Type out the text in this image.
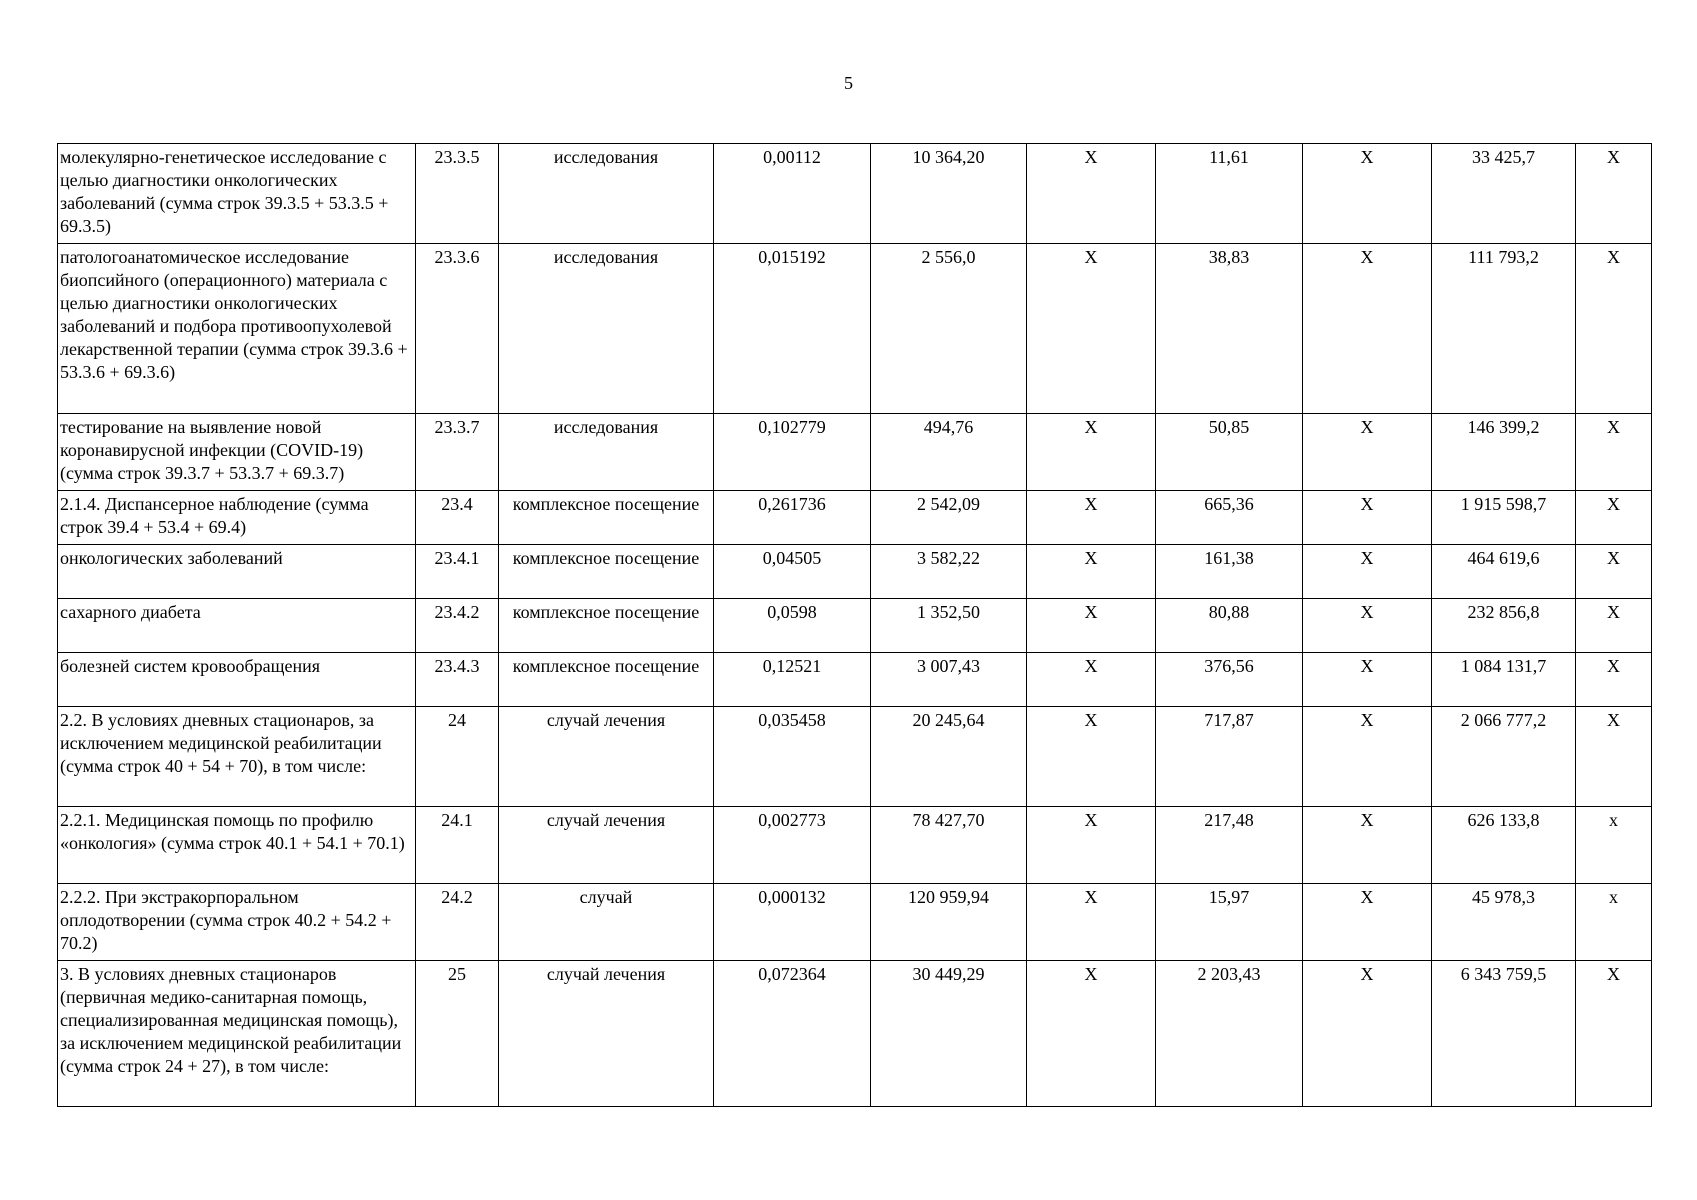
5
молекулярно-генетическое исследование с целью диагностики онкологических заболеваний (сумма строк 39.3.5 + 53.3.5 + 69.3.5)	23.3.5	исследования	0,00112	10 364,20	Х	11,61	Х	33 425,7	Х
патологоанатомическое исследование биопсийного (операционного) материала с целью диагностики онкологических заболеваний и подбора противоопухолевой лекарственной терапии (сумма строк 39.3.6 + 53.3.6 + 69.3.6)	23.3.6	исследования	0,015192	2 556,0	Х	38,83	Х	111 793,2	Х
тестирование на выявление новой коронавирусной инфекции (COVID-19) (сумма строк 39.3.7 + 53.3.7 + 69.3.7)	23.3.7	исследования	0,102779	494,76	Х	50,85	Х	146 399,2	Х
2.1.4. Диспансерное наблюдение (сумма строк 39.4 + 53.4 + 69.4)	23.4	комплексное посещение	0,261736	2 542,09	Х	665,36	Х	1 915 598,7	Х
онкологических заболеваний	23.4.1	комплексное посещение	0,04505	3 582,22	Х	161,38	Х	464 619,6	Х
сахарного диабета	23.4.2	комплексное посещение	0,0598	1 352,50	Х	80,88	Х	232 856,8	Х
болезней систем кровообращения	23.4.3	комплексное посещение	0,12521	3 007,43	Х	376,56	Х	1 084 131,7	Х
2.2. В условиях дневных стационаров, за исключением медицинской реабилитации (сумма строк 40 + 54 + 70), в том числе:	24	случай лечения	0,035458	20 245,64	Х	717,87	Х	2 066 777,2	Х
2.2.1. Медицинская помощь по профилю «онкология» (сумма строк 40.1 + 54.1 + 70.1)	24.1	случай лечения	0,002773	78 427,70	Х	217,48	Х	626 133,8	х
2.2.2. При экстракорпоральном оплодотворении (сумма строк 40.2 + 54.2 + 70.2)	24.2	случай	0,000132	120 959,94	Х	15,97	Х	45 978,3	х
3. В условиях дневных стационаров (первичная медико-санитарная помощь, специализированная медицинская помощь), за исключением медицинской реабилитации (сумма строк 24 + 27), в том числе:	25	случай лечения	0,072364	30 449,29	Х	2 203,43	Х	6 343 759,5	Х
